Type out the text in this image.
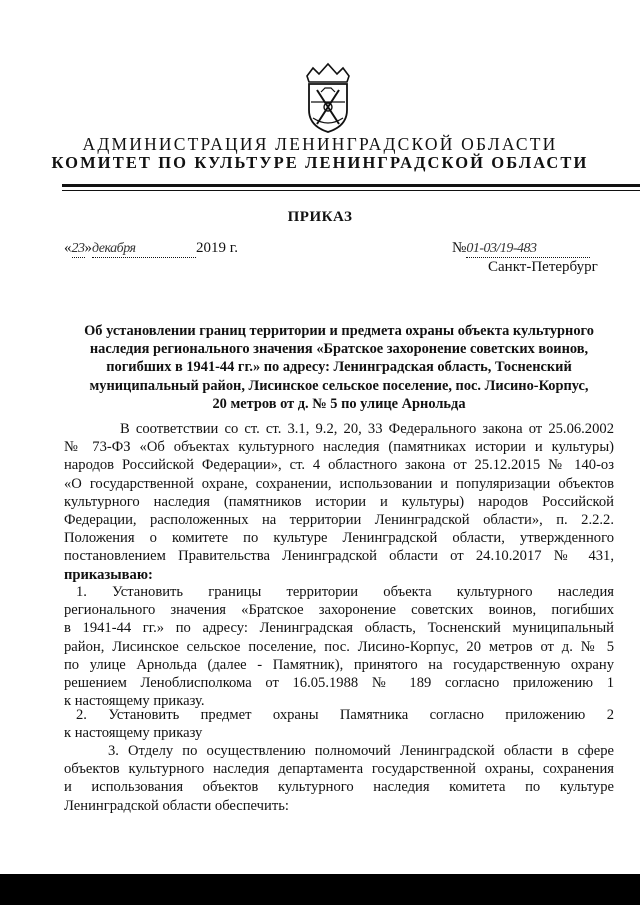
АДМИНИСТРАЦИЯ ЛЕНИНГРАДСКОЙ ОБЛАСТИ
КОМИТЕТ ПО КУЛЬТУРЕ ЛЕНИНГРАДСКОЙ ОБЛАСТИ
ПРИКАЗ
«23»декабря	2019 г.	№01-03/19-483
Санкт-Петербург
Об установлении границ территории и предмета охраны объекта культурного
наследия регионального значения «Братское захоронение советских воинов,
погибших в 1941-44 гг.» по адресу: Ленинградская область, Тосненский
муниципальный район, Лисинское сельское поселение, пос. Лисино-Корпус,
20 метров от д. № 5 по улице Арнольда
В соответствии со ст. ст. 3.1, 9.2, 20, 33 Федерального закона от 25.06.2002
№ 73-ФЗ «Об объектах культурного наследия (памятниках истории и культуры)
народов Российской Федерации», ст. 4 областного закона от 25.12.2015 № 140-оз
«О государственной охране, сохранении, использовании и популяризации объектов
культурного наследия (памятников истории и культуры) народов Российской
Федерации, расположенных на территории Ленинградской области», п. 2.2.2.
Положения о комитете по культуре Ленинградской области, утвержденного
постановлением Правительства Ленинградской области от 24.10.2017 № 431,
приказываю:
1. Установить границы территории объекта культурного наследия
регионального значения «Братское захоронение советских воинов, погибших
в 1941-44 гг.» по адресу: Ленинградская область, Тосненский муниципальный
район, Лисинское сельское поселение, пос. Лисино-Корпус, 20 метров от д. № 5
по улице Арнольда (далее - Памятник), принятого на государственную охрану
решением Леноблисполкома от 16.05.1988 № 189 согласно приложению 1
к настоящему приказу.
2. Установить предмет охраны Памятника согласно приложению 2
к настоящему приказу
3. Отделу по осуществлению полномочий Ленинградской области в сфере
объектов культурного наследия департамента государственной охраны, сохранения
и использования объектов культурного наследия комитета по культуре
Ленинградской области обеспечить:
